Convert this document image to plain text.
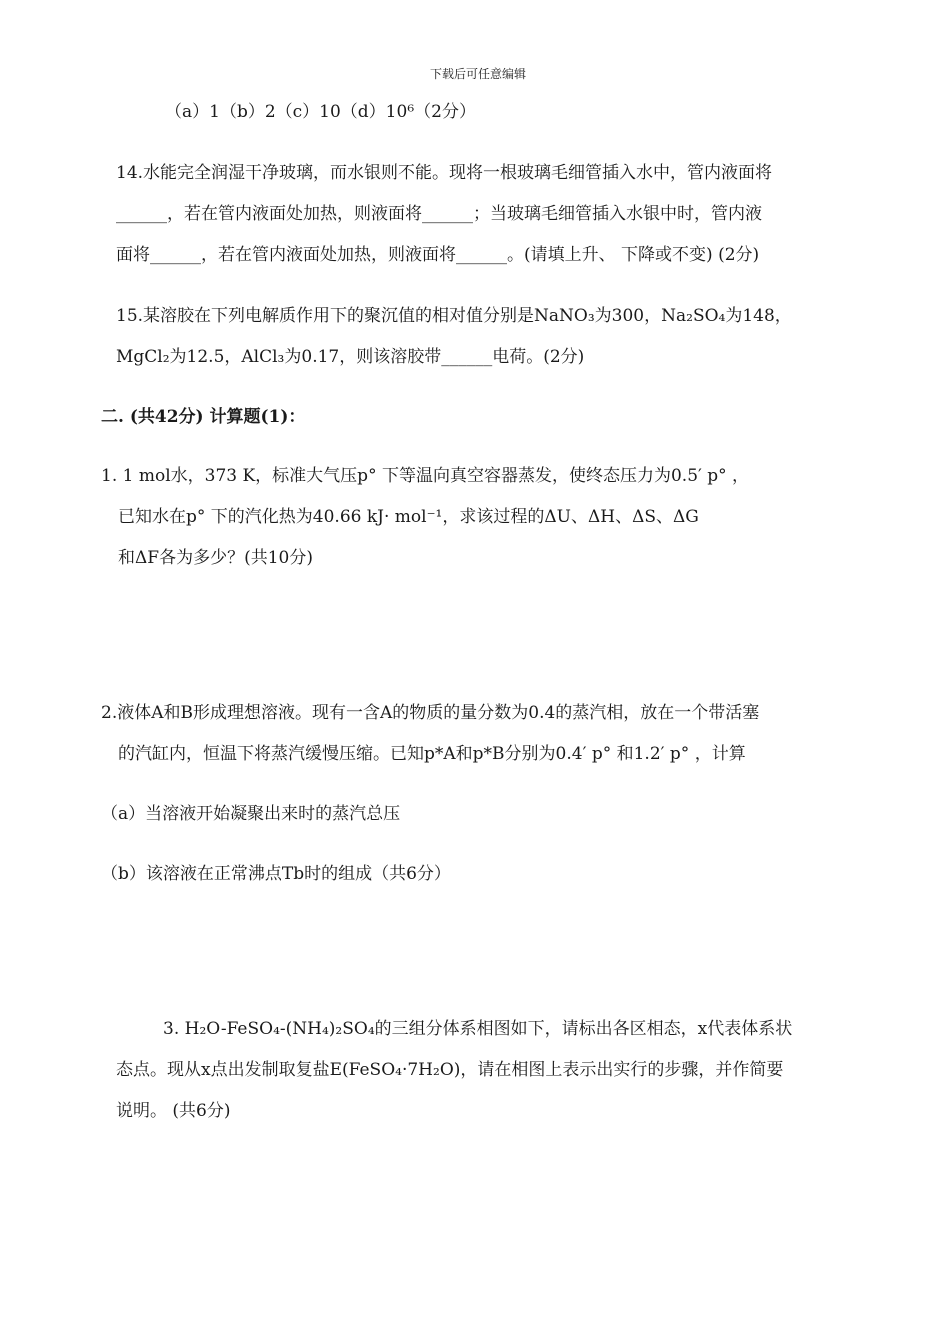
下载后可任意编辑
（a）1（b）2（c）10（d）10⁶（2分）
14.水能完全润湿干净玻璃，而水银则不能。现将一根玻璃毛细管插入水中，管内液面将
______，若在管内液面处加热，则液面将______；当玻璃毛细管插入水银中时，管内液
面将______，若在管内液面处加热，则液面将______。(请填上升、 下降或不变) (2分)
15.某溶胶在下列电解质作用下的聚沉值的相对值分别是NaNO₃为300，Na₂SO₄为148，
MgCl₂为12.5，AlCl₃为0.17，则该溶胶带______电荷。(2分)
二. (共42分) 计算题(1)：
1. 1 mol水，373 K，标准大气压p° 下等温向真空容器蒸发，使终态压力为0.5′ p° ，
已知水在p° 下的汽化热为40.66 kJ· mol⁻¹，求该过程的ΔU、ΔH、ΔS、ΔG
和ΔF各为多少？(共10分)
2.液体A和B形成理想溶液。现有一含A的物质的量分数为0.4的蒸汽相，放在一个带活塞
的汽缸内，恒温下将蒸汽缓慢压缩。已知p*A和p*B分别为0.4′ p° 和1.2′ p° ，计算
（a）当溶液开始凝聚出来时的蒸汽总压
（b）该溶液在正常沸点Tb时的组成（共6分）
3. H₂O-FeSO₄-(NH₄)₂SO₄的三组分体系相图如下，请标出各区相态，x代表体系状
态点。现从x点出发制取复盐E(FeSO₄·7H₂O)，请在相图上表示出实行的步骤，并作简要
说明。 (共6分)
